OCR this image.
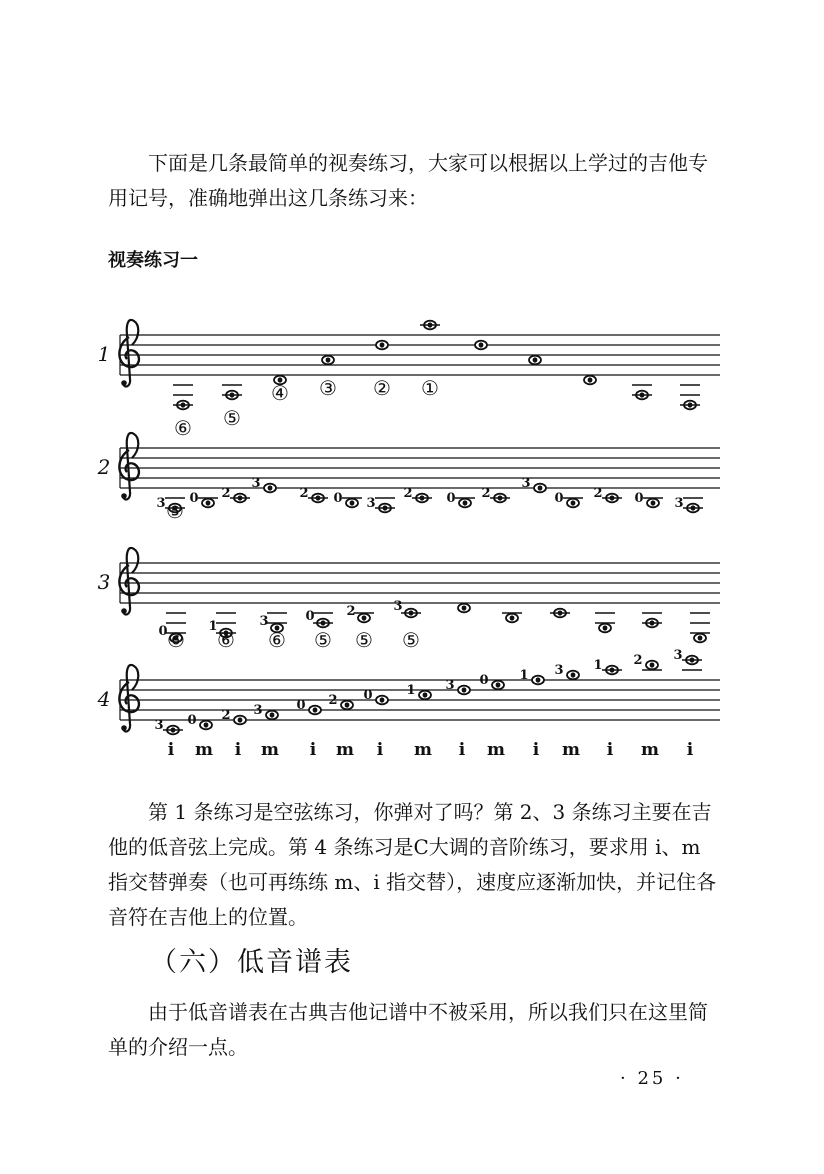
下面是几条最简单的视奏练习，大家可以根据以上学过的吉他专用记号，准确地弹出这几条练习来：

视奏练习一

1
2
3
4
⑥ ⑤
④ ③ ② ①
3 0 2
3
2 0 3
2	0 2
3
0 2 0 3
⑤
0 ⑥
1
⑥
3
⑥
0
⑤
2
⑤
3
⑤
3
i
0
m
2
i
3
m
0
i
2
m
0
i
1
m
3
i
0
m
1
i
3
m
1
i
2
m
3
i

第 1 条练习是空弦练习，你弹对了吗？第 2、3 条练习主要在吉他的低音弦上完成。第 4 条练习是C大调的音阶练习，要求用 i、m 指交替弹奏（也可再练练 m、i 指交替），速度应逐渐加快，并记住各音符在吉他上的位置。

（六）低音谱表

由于低音谱表在古典吉他记谱中不被采用，所以我们只在这里简单的介绍一点。

· 25 ·
